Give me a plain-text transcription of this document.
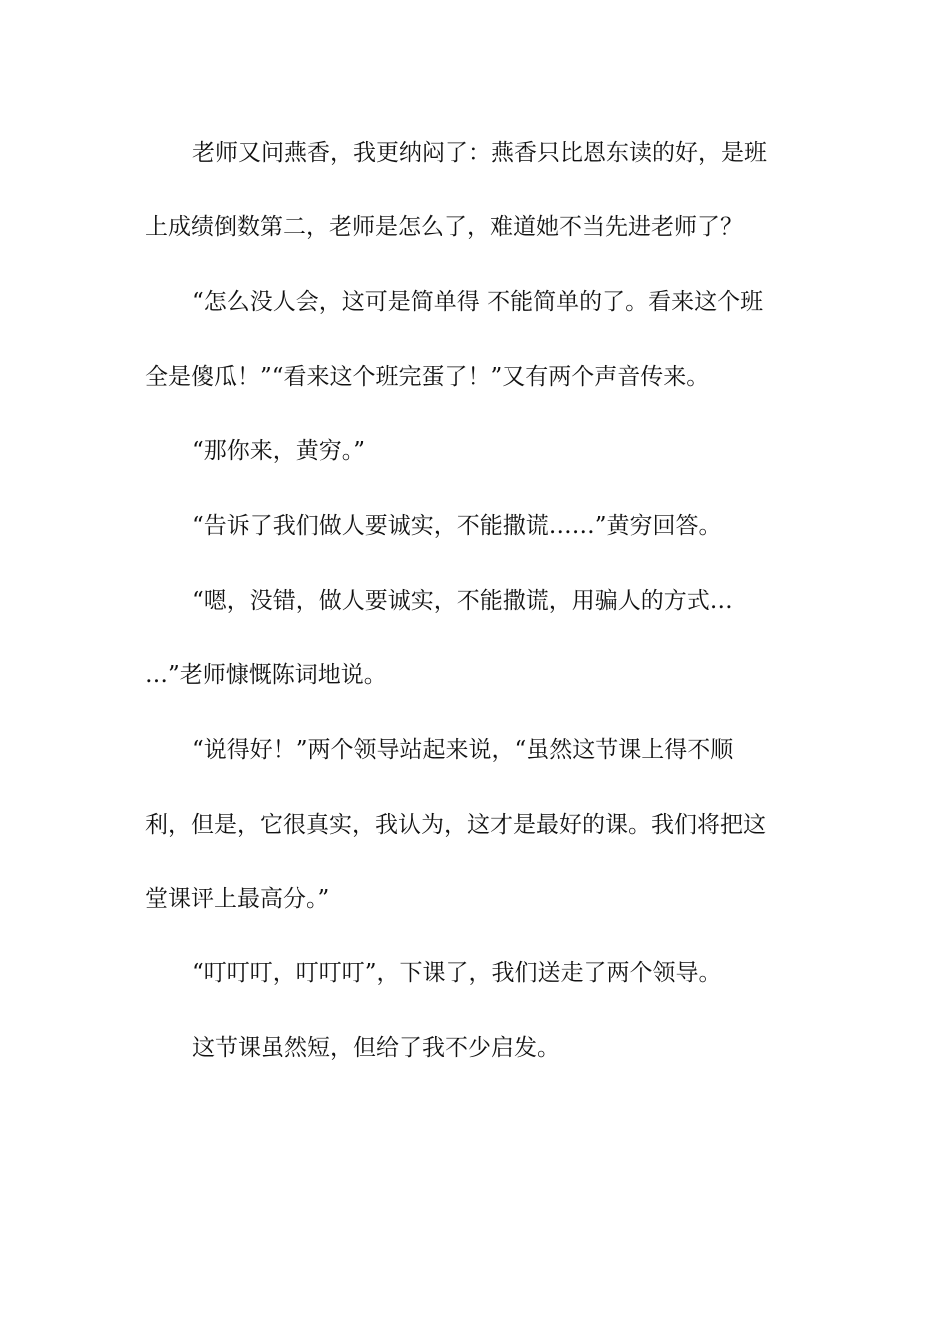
老师又问燕香，我更纳闷了：燕香只比恩东读的好，是班
上成绩倒数第二，老师是怎么了，难道她不当先进老师了？
“怎么没人会，这可是简单得 不能简单的了。看来这个班
全是傻瓜！”“看来这个班完蛋了！”又有两个声音传来。
“那你来，黄穷。”
“告诉了我们做人要诚实，不能撒谎……”黄穷回答。
“嗯，没错，做人要诚实，不能撒谎，用骗人的方式…
…”老师慷慨陈词地说。
“说得好！”两个领导站起来说，“虽然这节课上得不顺
利，但是，它很真实，我认为，这才是最好的课。我们将把这
堂课评上最高分。”
“叮叮叮，叮叮叮”，下课了，我们送走了两个领导。
这节课虽然短，但给了我不少启发。
